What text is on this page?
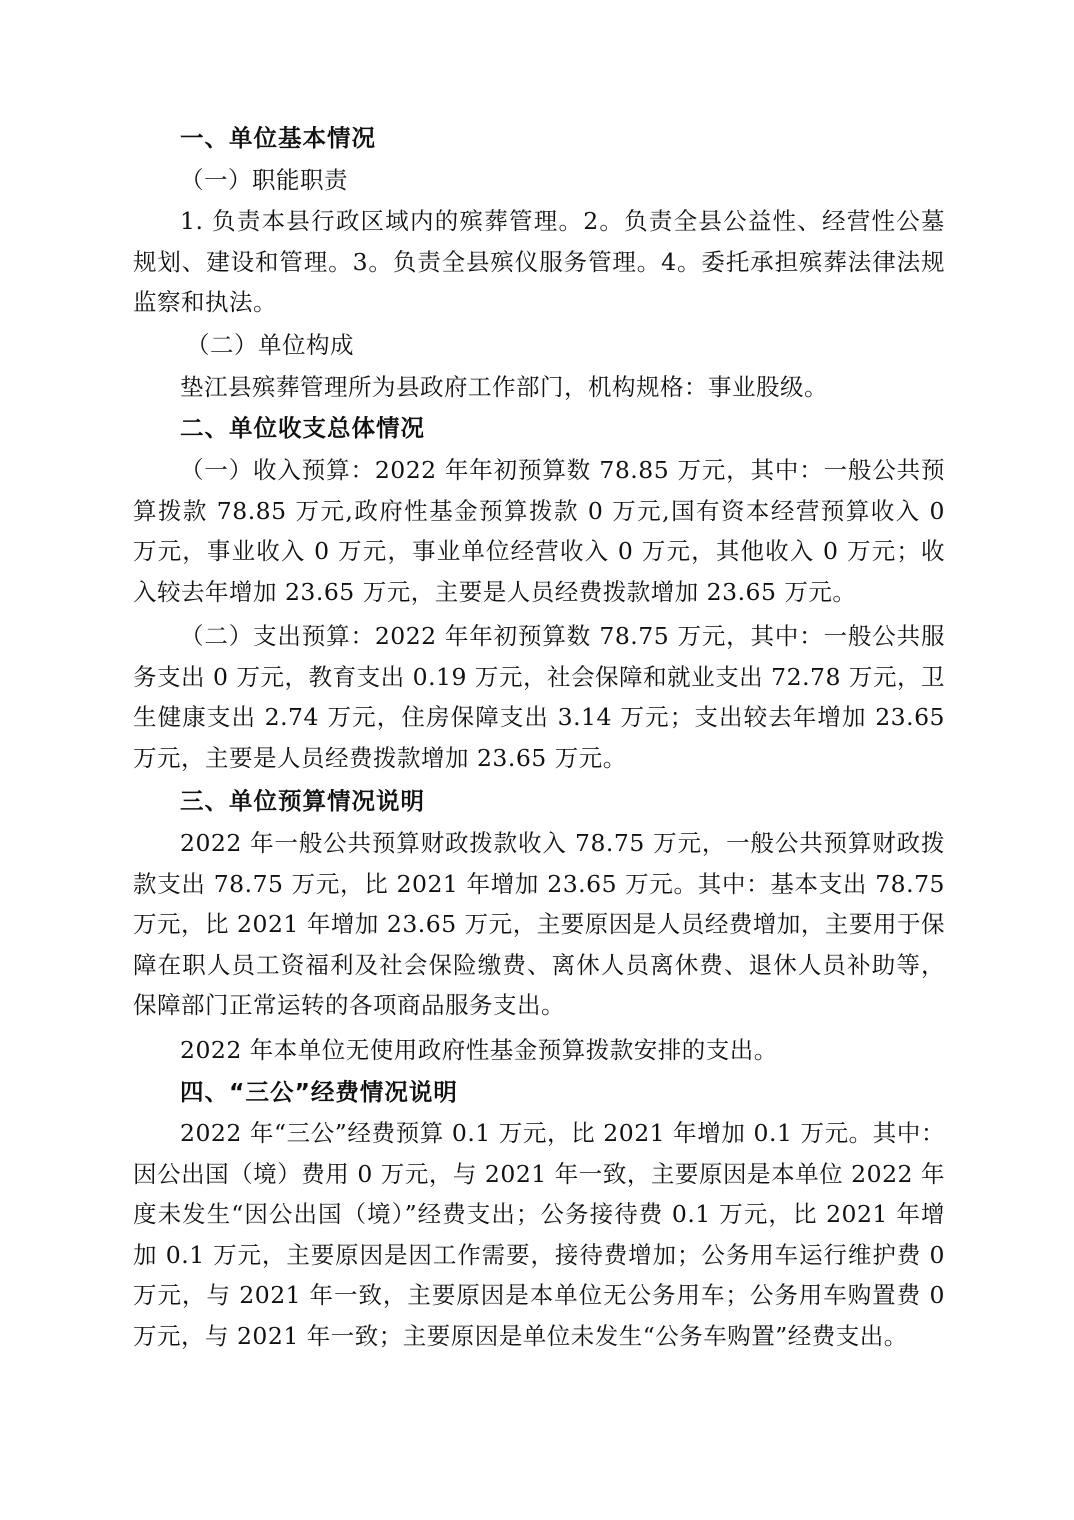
一、单位基本情况
（一）职能职责
1. 负责本县行政区域内的殡葬管理。2。负责全县公益性、经营性公墓规划、建设和管理。3。负责全县殡仪服务管理。4。委托承担殡葬法律法规监察和执法。
（二）单位构成
垫江县殡葬管理所为县政府工作部门，机构规格：事业股级。
二、单位收支总体情况
（一）收入预算：2022 年年初预算数 78.85 万元，其中：一般公共预算拨款 78.85 万元,政府性基金预算拨款 0 万元,国有资本经营预算收入 0 万元，事业收入 0 万元，事业单位经营收入 0 万元，其他收入 0 万元；收入较去年增加 23.65 万元，主要是人员经费拨款增加 23.65 万元。
（二）支出预算：2022 年年初预算数 78.75 万元，其中：一般公共服务支出 0 万元，教育支出 0.19 万元，社会保障和就业支出 72.78 万元，卫生健康支出 2.74 万元，住房保障支出 3.14 万元；支出较去年增加 23.65 万元，主要是人员经费拨款增加 23.65 万元。
三、单位预算情况说明
2022 年一般公共预算财政拨款收入 78.75 万元，一般公共预算财政拨款支出 78.75 万元，比 2021 年增加 23.65 万元。其中：基本支出 78.75 万元，比 2021 年增加 23.65 万元，主要原因是人员经费增加，主要用于保障在职人员工资福利及社会保险缴费、离休人员离休费、退休人员补助等，保障部门正常运转的各项商品服务支出。
2022 年本单位无使用政府性基金预算拨款安排的支出。
四、“三公”经费情况说明
2022 年“三公”经费预算 0.1 万元，比 2021 年增加 0.1 万元。其中：因公出国（境）费用 0 万元，与 2021 年一致，主要原因是本单位 2022 年度未发生“因公出国（境）”经费支出；公务接待费 0.1 万元，比 2021 年增加 0.1 万元，主要原因是因工作需要，接待费增加；公务用车运行维护费 0 万元，与 2021 年一致，主要原因是本单位无公务用车；公务用车购置费 0 万元，与 2021 年一致；主要原因是单位未发生“公务车购置”经费支出。
